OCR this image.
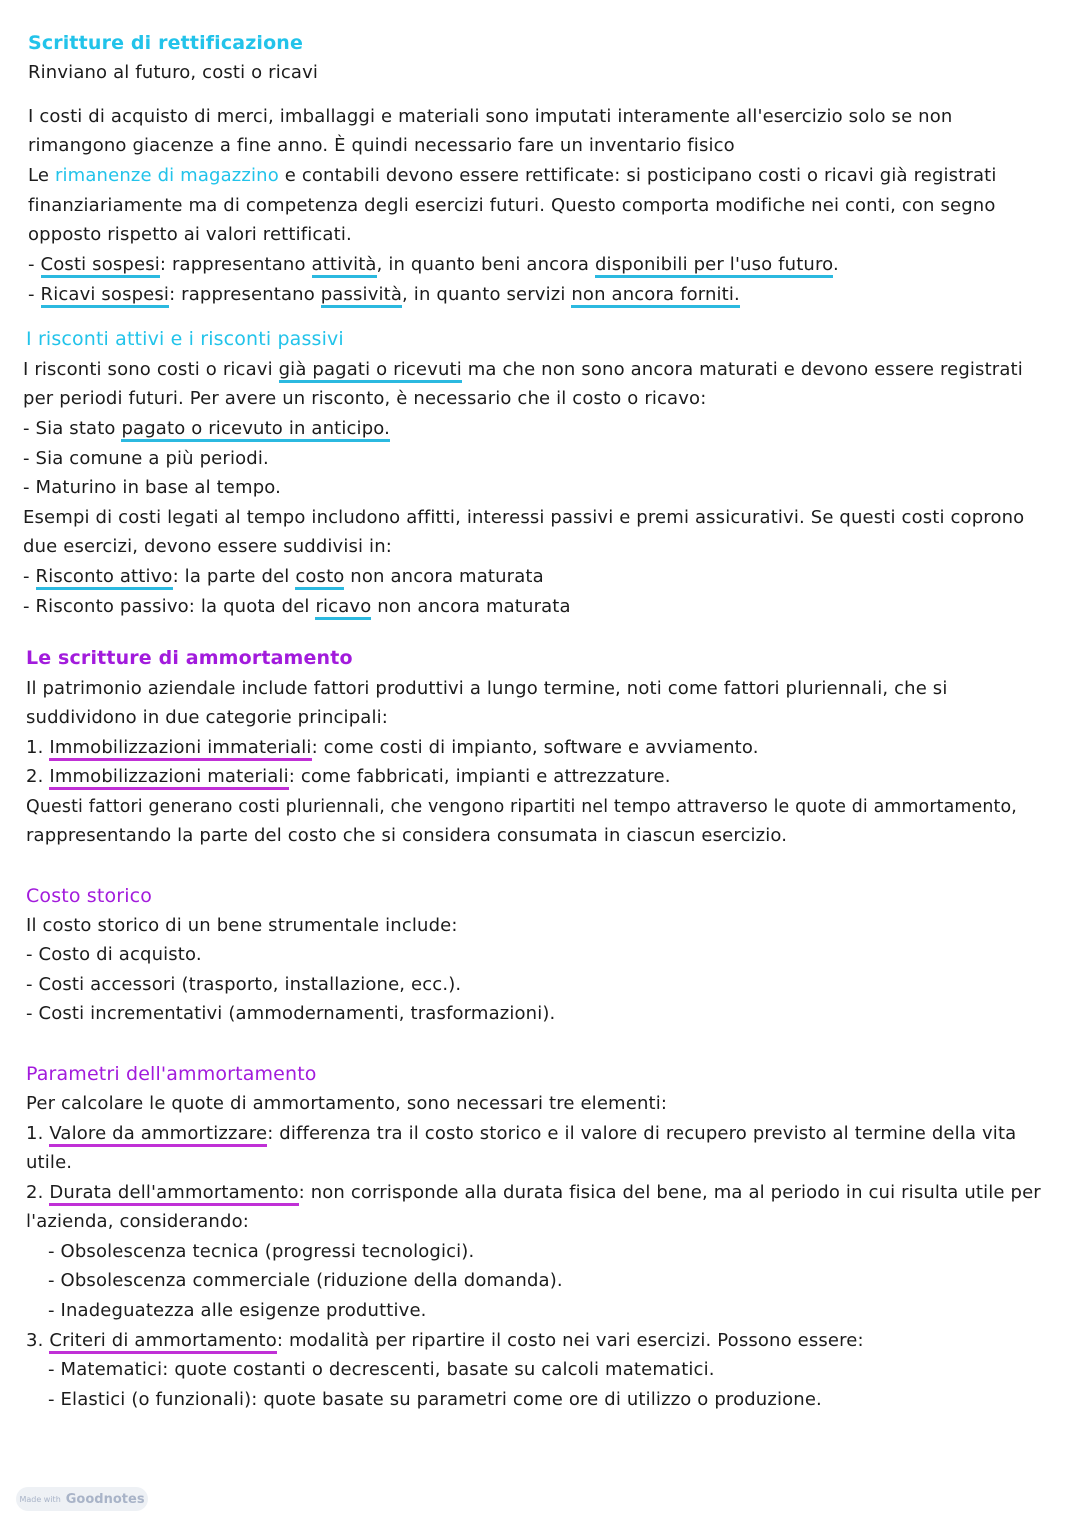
Scritture di rettificazione
Rinviano al futuro, costi o ricavi
I costi di acquisto di merci, imballaggi e materiali sono imputati interamente all'esercizio solo se non
rimangono giacenze a fine anno. È quindi necessario fare un inventario fisico
Le rimanenze di magazzino e contabili devono essere rettificate: si posticipano costi o ricavi già registrati
finanziariamente ma di competenza degli esercizi futuri. Questo comporta modifiche nei conti, con segno
opposto rispetto ai valori rettificati.
- Costi sospesi: rappresentano attività, in quanto beni ancora disponibili per l'uso futuro.
- Ricavi sospesi: rappresentano passività, in quanto servizi non ancora forniti.
I risconti attivi e i risconti passivi
I risconti sono costi o ricavi già pagati o ricevuti ma che non sono ancora maturati e devono essere registrati
per periodi futuri. Per avere un risconto, è necessario che il costo o ricavo:
- Sia stato pagato o ricevuto in anticipo.
- Sia comune a più periodi.
- Maturino in base al tempo.
Esempi di costi legati al tempo includono affitti, interessi passivi e premi assicurativi. Se questi costi coprono
due esercizi, devono essere suddivisi in:
- Risconto attivo: la parte del costo non ancora maturata
- Risconto passivo: la quota del ricavo non ancora maturata
Le scritture di ammortamento
Il patrimonio aziendale include fattori produttivi a lungo termine, noti come fattori pluriennali, che si
suddividono in due categorie principali:
1. Immobilizzazioni immateriali: come costi di impianto, software e avviamento.
2. Immobilizzazioni materiali: come fabbricati, impianti e attrezzature.
Questi fattori generano costi pluriennali, che vengono ripartiti nel tempo attraverso le quote di ammortamento,
rappresentando la parte del costo che si considera consumata in ciascun esercizio.
Costo storico
Il costo storico di un bene strumentale include:
- Costo di acquisto.
- Costi accessori (trasporto, installazione, ecc.).
- Costi incrementativi (ammodernamenti, trasformazioni).
Parametri dell'ammortamento
Per calcolare le quote di ammortamento, sono necessari tre elementi:
1. Valore da ammortizzare: differenza tra il costo storico e il valore di recupero previsto al termine della vita
utile.
2. Durata dell'ammortamento: non corrisponde alla durata fisica del bene, ma al periodo in cui risulta utile per
l'azienda, considerando:
- Obsolescenza tecnica (progressi tecnologici).
- Obsolescenza commerciale (riduzione della domanda).
- Inadeguatezza alle esigenze produttive.
3. Criteri di ammortamento: modalità per ripartire il costo nei vari esercizi. Possono essere:
- Matematici: quote costanti o decrescenti, basate su calcoli matematici.
- Elastici (o funzionali): quote basate su parametri come ore di utilizzo o produzione.
Made with Goodnotes
